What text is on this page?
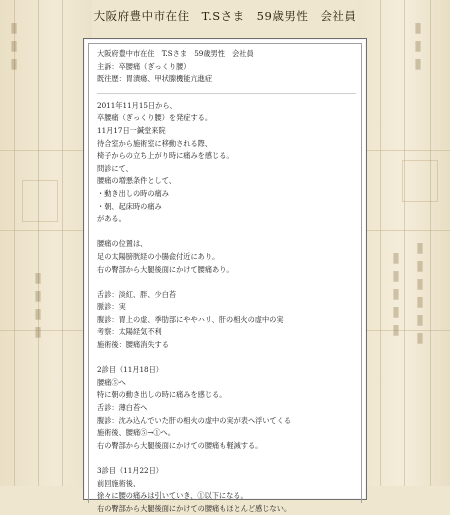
▮▮▮	▮▮▮
▮▮▮▮▮▮
▮▮▮▮▮
▮▮▮▮
大阪府豊中市在住　T.Sさま　59歳男性　会社員
大阪府豊中市在住　T.Sさま　59歳男性　会社員
主訴：卒腰痛（ぎっくり腰）
既往歴：胃潰瘍、甲状腺機能亢進症
2011年11月15日から、
卒腰痛（ぎっくり腰）を発症する。
11月17日一鍼堂来院
待合室から施術室に移動される際、
椅子からの立ち上がり時に痛みを感じる。
問診にて、
腰痛の増悪条件として、
・動き出しの時の痛み
・朝、起床時の痛み
がある。
腰痛の位置は、
足の太陽膀胱経の小腸兪付近にあり。
右の臀部から大腿後面にかけて腰痛あり。
舌診：淡紅、胖、少白苔
脈診：実
腹診：胃上の虚、季肋部にややハリ、肝の相火の虚中の実
考察：太陽経気不利
施術後：腰痛消失する
2診目（11月18日）
腰痛⑤へ
特に朝の動き出しの時に痛みを感じる。
舌診：薄白苔へ
腹診：沈み込んでいた肝の相火の虚中の実が表へ浮いてくる
施術後、腰痛⑤→①へ。
右の臀部から大腿後面にかけての腰痛も軽減する。
3診目（11月22日）
前回施術後、
徐々に腰の痛みは引いていき、①以下になる。
右の臀部から大腿後面にかけての腰痛もほとんど感じない。
